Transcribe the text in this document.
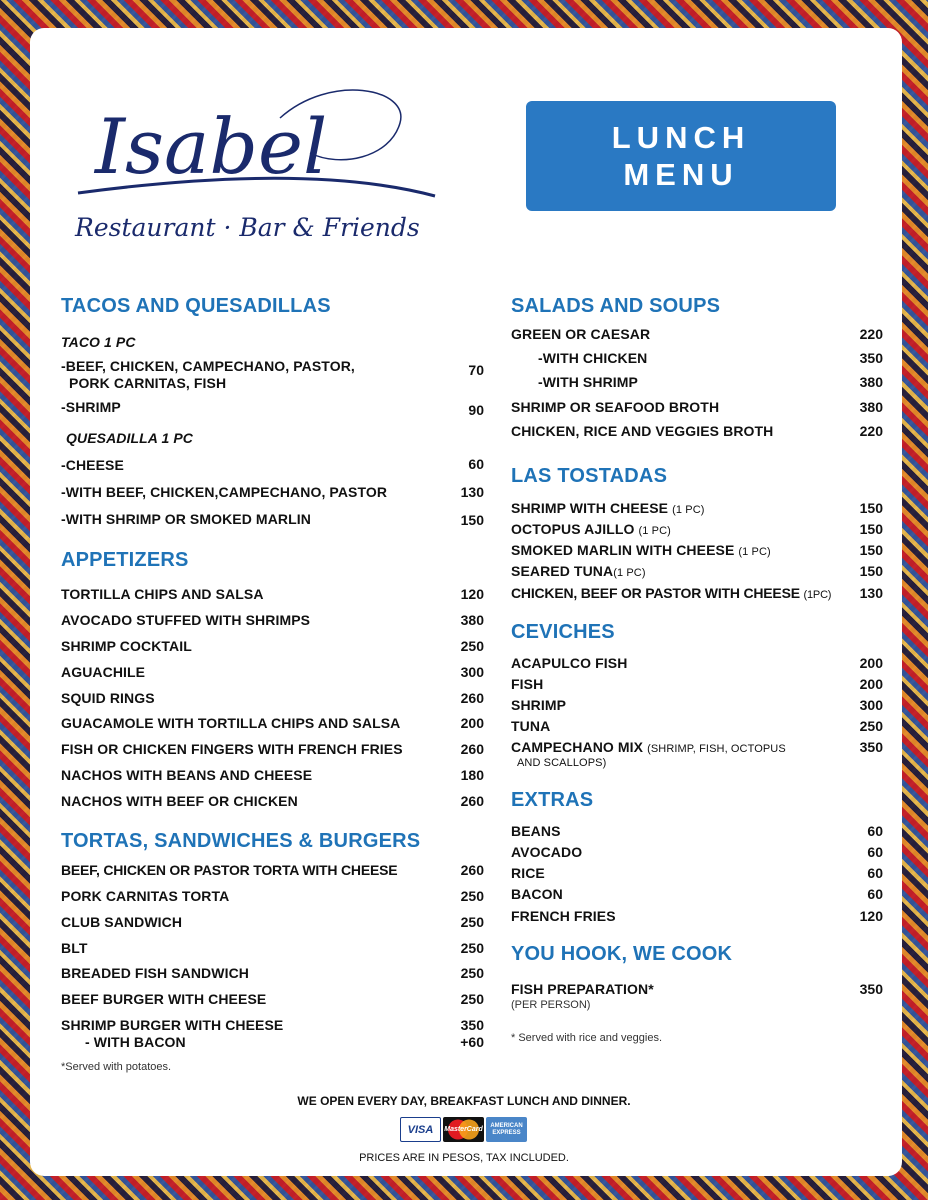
Isabel
Restaurant · Bar & Friends
LUNCH
MENU
TACOS AND QUESADILLAS
TACO 1 PC
-BEEF, CHICKEN, CAMPECHANO, PASTOR,
PORK CARNITAS, FISH
70
-SHRIMP	90
QUESADILLA 1 PC
-CHEESE	60
-WITH BEEF, CHICKEN,CAMPECHANO, PASTOR	130
-WITH SHRIMP OR SMOKED MARLIN	150
APPETIZERS
TORTILLA CHIPS AND SALSA	120
AVOCADO STUFFED WITH SHRIMPS	380
SHRIMP COCKTAIL	250
AGUACHILE	300
SQUID RINGS	260
GUACAMOLE WITH TORTILLA CHIPS AND SALSA	200
FISH OR CHICKEN FINGERS WITH FRENCH FRIES	260
NACHOS WITH BEANS AND CHEESE	180
NACHOS WITH BEEF OR CHICKEN	260
TORTAS, SANDWICHES & BURGERS
BEEF, CHICKEN OR PASTOR TORTA WITH CHEESE	260
PORK CARNITAS TORTA	250
CLUB SANDWICH	250
BLT	250
BREADED FISH SANDWICH	250
BEEF BURGER WITH CHEESE	250
SHRIMP BURGER WITH CHEESE	350
- WITH BACON	+60
*Served with potatoes.
SALADS AND SOUPS
GREEN OR CAESAR	220
-WITH CHICKEN	350
-WITH SHRIMP	380
SHRIMP OR SEAFOOD BROTH	380
CHICKEN, RICE AND VEGGIES BROTH	220
LAS TOSTADAS
SHRIMP WITH CHEESE (1 PC)	150
OCTOPUS AJILLO (1 PC)	150
SMOKED MARLIN WITH CHEESE (1 PC)	150
SEARED TUNA(1 PC)	150
CHICKEN, BEEF OR PASTOR WITH CHEESE (1PC)	130
CEVICHES
ACAPULCO FISH	200
FISH	200
SHRIMP	300
TUNA	250
CAMPECHANO MIX (SHRIMP, FISH, OCTOPUS
AND SCALLOPS)
350
EXTRAS
BEANS	60
AVOCADO	60
RICE	60
BACON	60
FRENCH FRIES	120
YOU HOOK, WE COOK
FISH PREPARATION*	350
(PER PERSON)
* Served with rice and veggies.
WE OPEN EVERY DAY, BREAKFAST LUNCH AND DINNER.
VISA	MasterCard
AMERICAN
EXPRESS
PRICES ARE IN PESOS, TAX INCLUDED.
